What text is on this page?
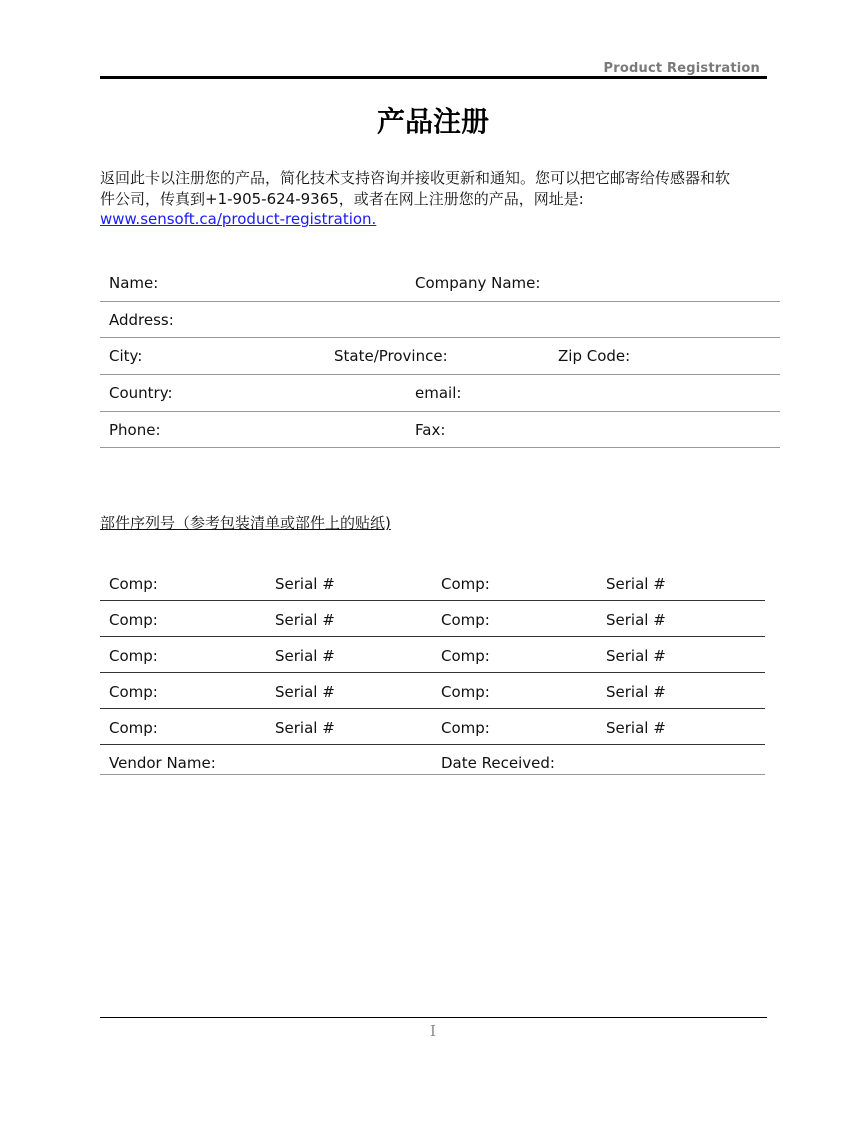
Product Registration
产品注册
返回此卡以注册您的产品，简化技术支持咨询并接收更新和通知。您可以把它邮寄给传感器和软
件公司，传真到+1-905-624-9365，或者在网上注册您的产品，网址是:
www.sensoft.ca/product-registration.
Name:	Company Name:
Address:
City:	State/Province:	Zip Code:
Country:	email:
Phone:	Fax:
部件序列号（参考包装清单或部件上的贴纸)
Comp:	Serial #	Comp:	Serial #
Comp:	Serial #	Comp:	Serial #
Comp:	Serial #	Comp:	Serial #
Comp:	Serial #	Comp:	Serial #
Comp:	Serial #	Comp:	Serial #
Vendor Name:	Date Received:
I
